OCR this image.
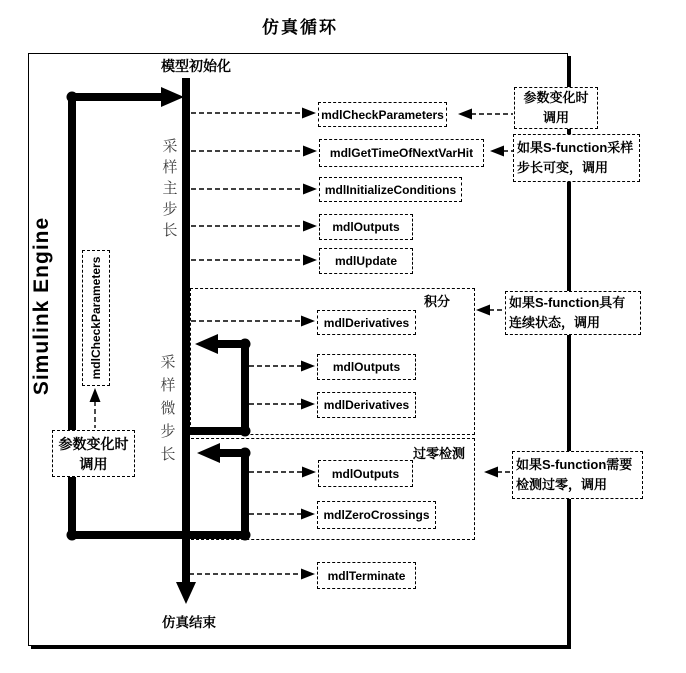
仿真循环
积分
过零检测
模型初始化
仿真结束
Simulink Engine
采
样
主
步
长
采
样
微
步
长
mdlCheckParameters
mdlGetTimeOfNextVarHit
mdlInitializeConditions
mdlOutputs
mdlUpdate
mdlDerivatives
mdlOutputs
mdlDerivatives
mdlOutputs
mdlZeroCrossings
mdlTerminate
mdlCheckParameters
参数变化时
调用
如果S-function采样
步长可变，调用
如果S-function具有
连续状态，调用
如果S-function需要
检测过零，调用
参数变化时
调用
